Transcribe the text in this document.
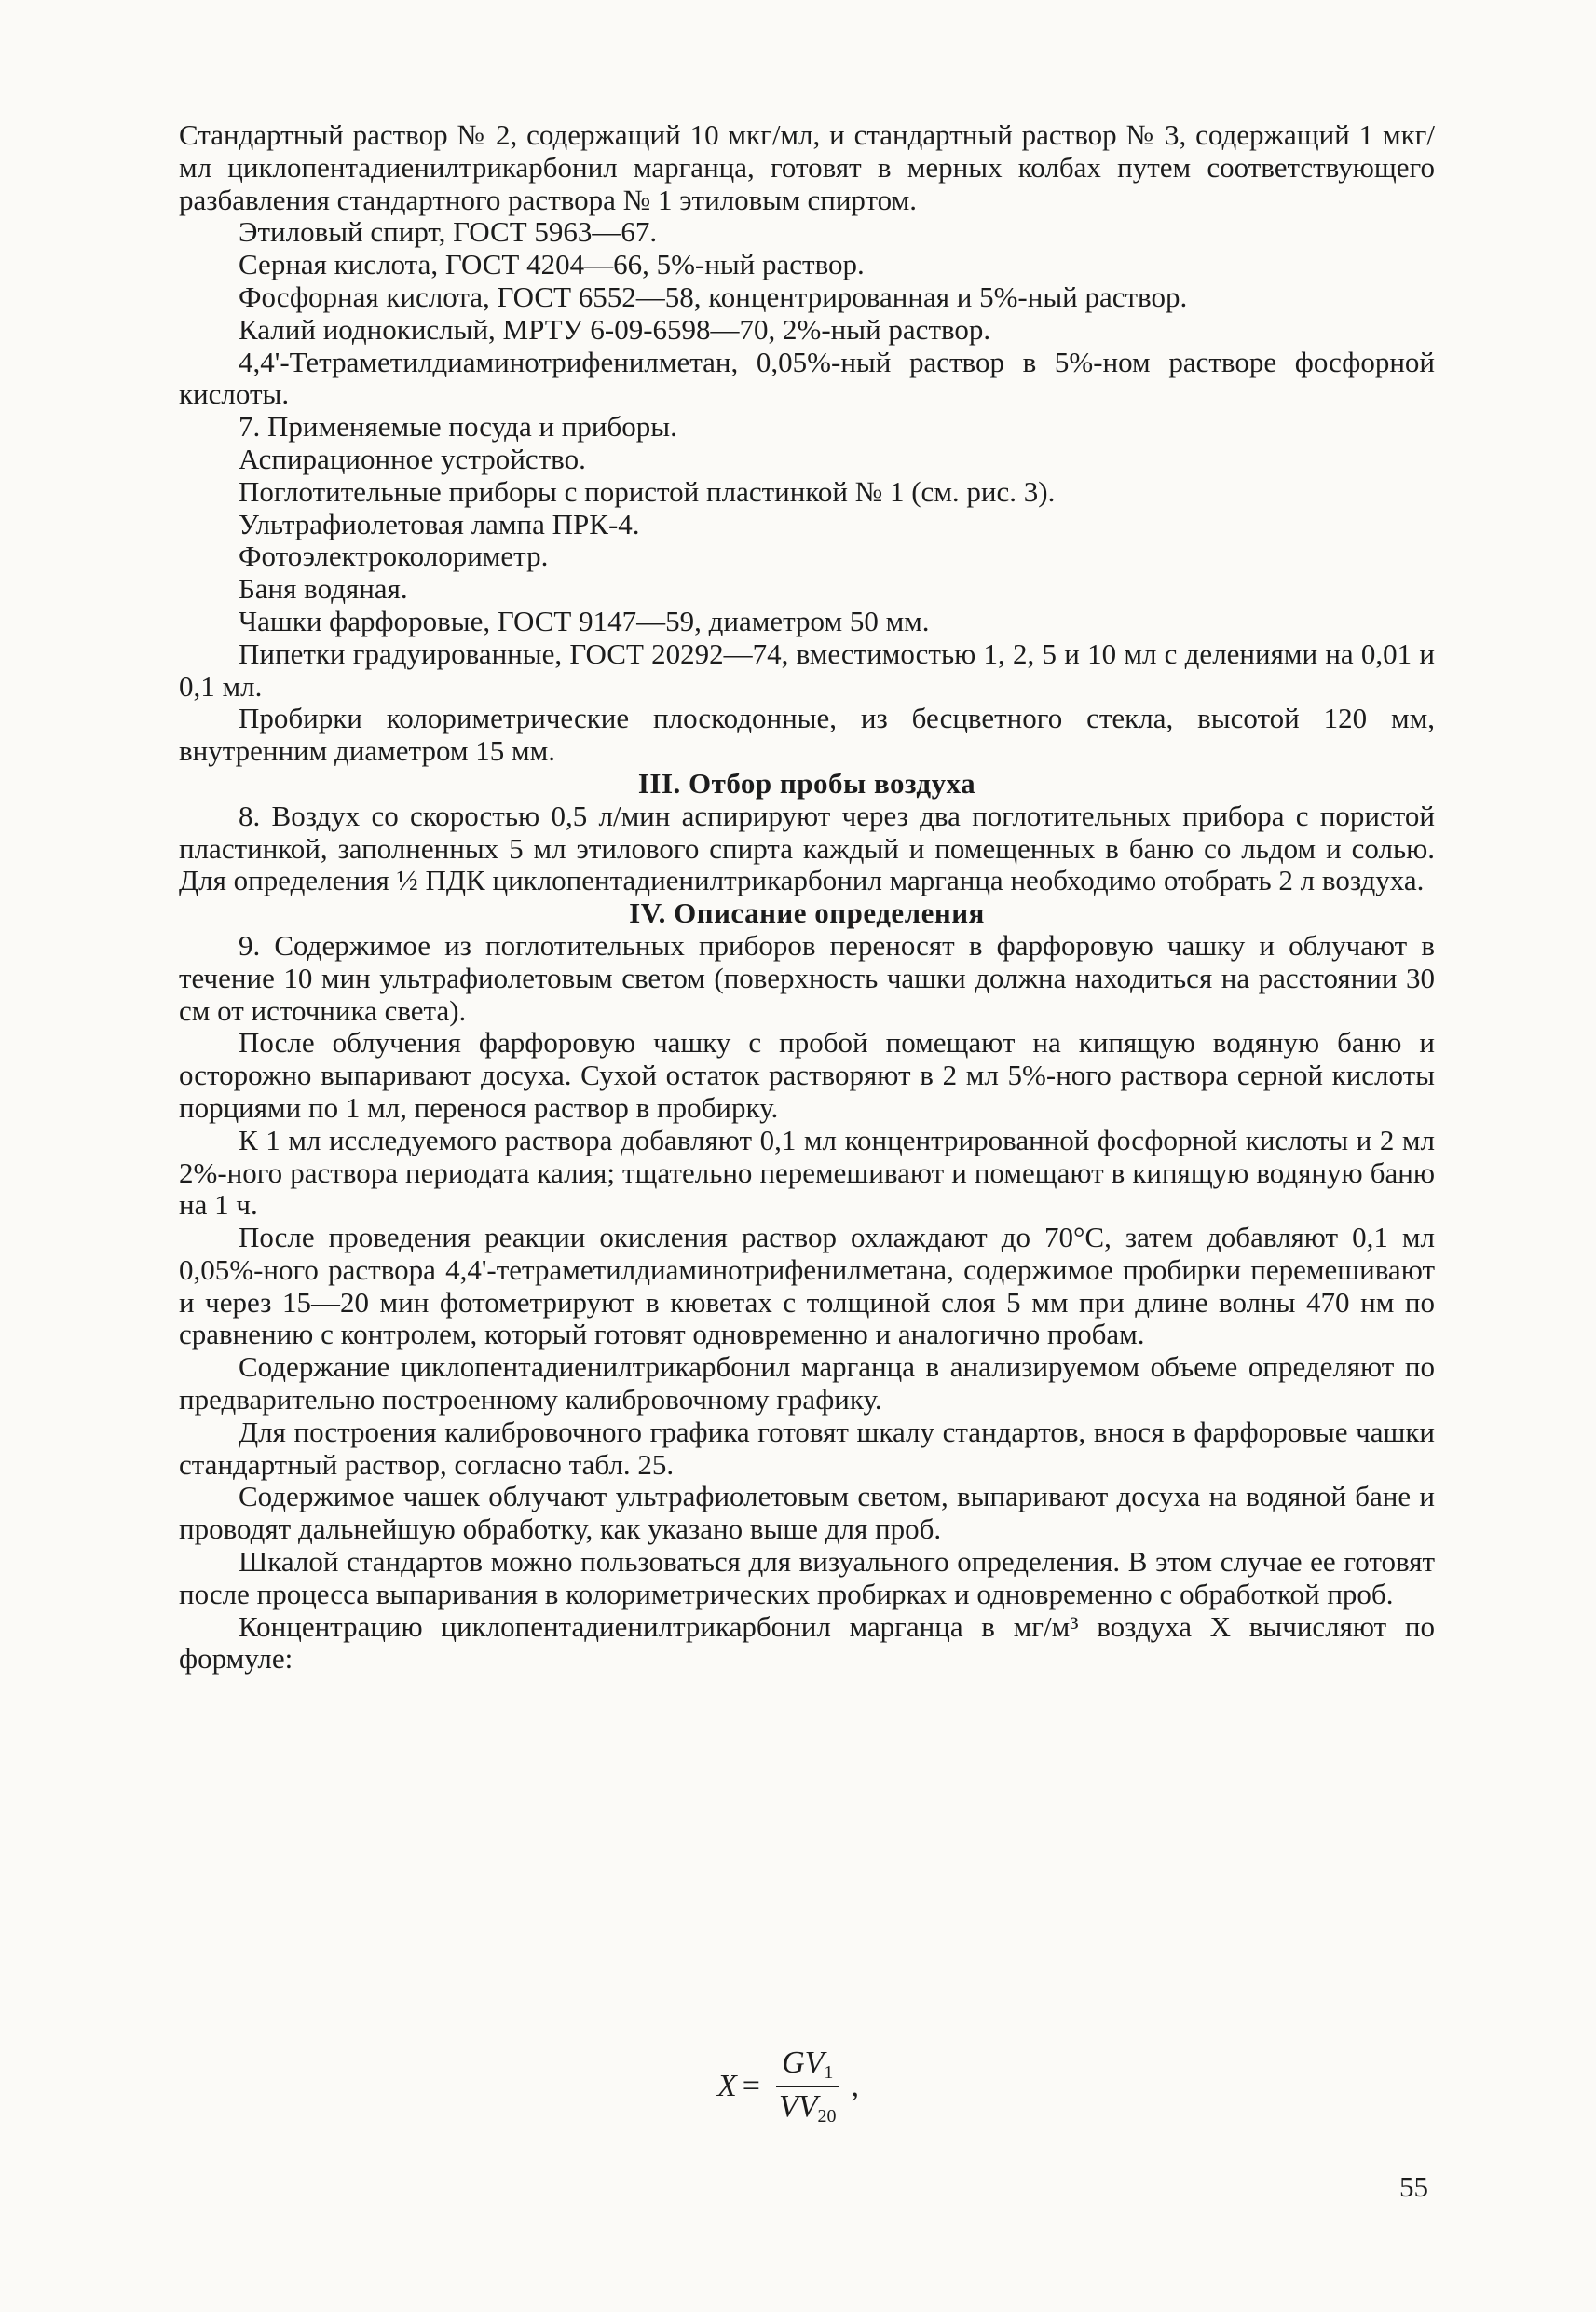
Стандартный раствор № 2, содержащий 10 мкг/мл, и стандартный раствор № 3, содержащий 1 мкг/мл циклопентадиенилтрикарбонил марганца, готовят в мерных колбах путем соответствующего разбавления стандартного раствора № 1 этиловым спиртом.

Этиловый спирт, ГОСТ 5963—67.

Серная кислота, ГОСТ 4204—66, 5%-ный раствор.

Фосфорная кислота, ГОСТ 6552—58, концентрированная и 5%-ный раствор.

Калий иоднокислый, МРТУ 6-09-6598—70, 2%-ный раствор.

4,4'-Тетраметилдиаминотрифенилметан, 0,05%-ный раствор в 5%-ном растворе фосфорной кислоты.

7. Применяемые посуда и приборы.

Аспирационное устройство.

Поглотительные приборы с пористой пластинкой № 1 (см. рис. 3).

Ультрафиолетовая лампа ПРК-4.

Фотоэлектроколориметр.

Баня водяная.

Чашки фарфоровые, ГОСТ 9147—59, диаметром 50 мм.

Пипетки градуированные, ГОСТ 20292—74, вместимостью 1, 2, 5 и 10 мл с делениями на 0,01 и 0,1 мл.

Пробирки колориметрические плоскодонные, из бесцветного стекла, высотой 120 мм, внутренним диаметром 15 мм.

III. Отбор пробы воздуха

8. Воздух со скоростью 0,5 л/мин аспирируют через два поглотительных прибора с пористой пластинкой, заполненных 5 мл этилового спирта каждый и помещенных в баню со льдом и солью. Для определения ½ ПДК циклопентадиенилтрикарбонил марганца необходимо отобрать 2 л воздуха.

IV. Описание определения

9. Содержимое из поглотительных приборов переносят в фарфоровую чашку и облучают в течение 10 мин ультрафиолетовым светом (поверхность чашки должна находиться на расстоянии 30 см от источника света).

После облучения фарфоровую чашку с пробой помещают на кипящую водяную баню и осторожно выпаривают досуха. Сухой остаток растворяют в 2 мл 5%-ного раствора серной кислоты порциями по 1 мл, перенося раствор в пробирку.

К 1 мл исследуемого раствора добавляют 0,1 мл концентрированной фосфорной кислоты и 2 мл 2%-ного раствора периодата калия; тщательно перемешивают и помещают в кипящую водяную баню на 1 ч.

После проведения реакции окисления раствор охлаждают до 70°С, затем добавляют 0,1 мл 0,05%-ного раствора 4,4'-тетраметилдиаминотрифенилметана, содержимое пробирки перемешивают и через 15—20 мин фотометрируют в кюветах с толщиной слоя 5 мм при длине волны 470 нм по сравнению с контролем, который готовят одновременно и аналогично пробам.

Содержание циклопентадиенилтрикарбонил марганца в анализируемом объеме определяют по предварительно построенному калибровочному графику.

Для построения калибровочного графика готовят шкалу стандартов, внося в фарфоровые чашки стандартный раствор, согласно табл. 25.

Содержимое чашек облучают ультрафиолетовым светом, выпаривают досуха на водяной бане и проводят дальнейшую обработку, как указано выше для проб.

Шкалой стандартов можно пользоваться для визуального определения. В этом случае ее готовят после процесса выпаривания в колориметрических пробирках и одновременно с обработкой проб.

Концентрацию циклопентадиенилтрикарбонил марганца в мг/м³ воздуха X вычисляют по формуле:

$X = \frac{GV_1}{VV_{20}}$ ,
55
